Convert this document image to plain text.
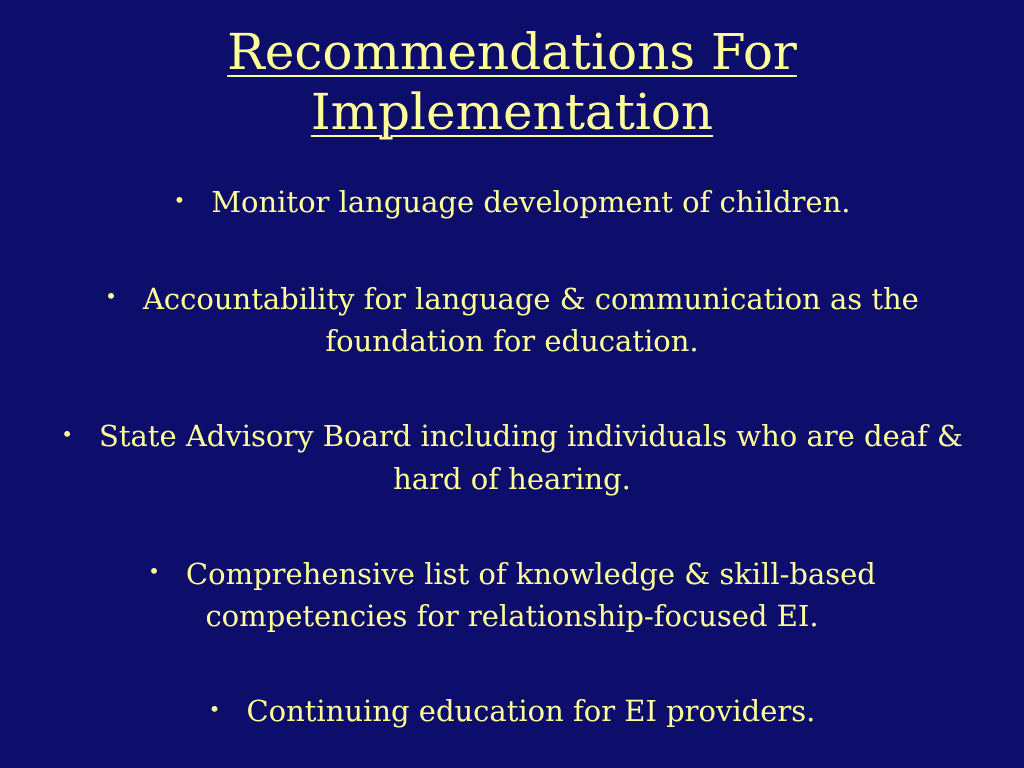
Recommendations For
Implementation
• Monitor language development of children.
• Accountability for language & communication as the foundation for education.
• State Advisory Board including individuals who are deaf & hard of hearing.
• Comprehensive list of knowledge & skill-based competencies for relationship-focused EI.
• Continuing education for EI providers.
